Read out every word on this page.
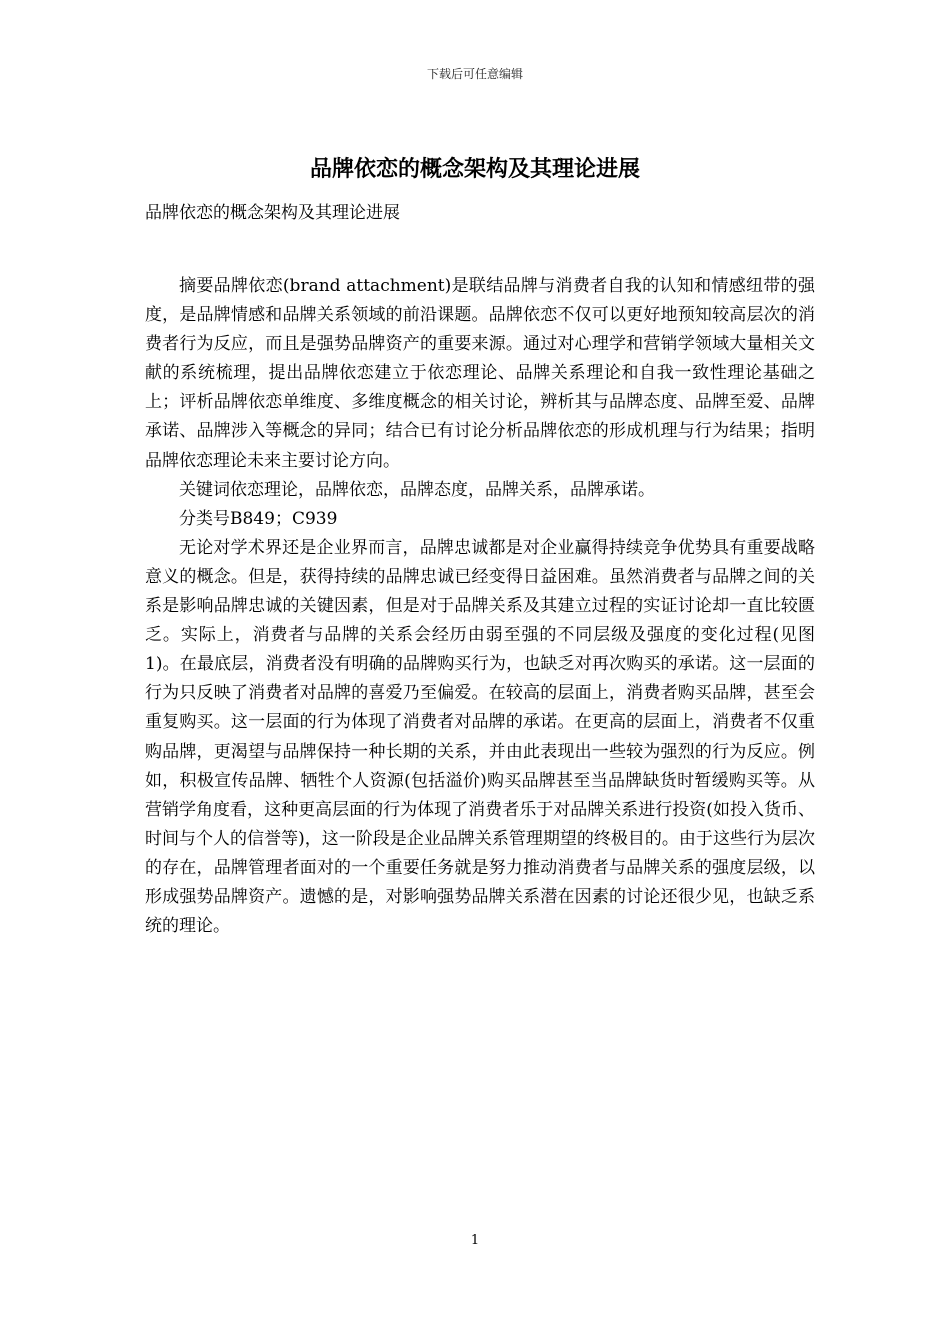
下载后可任意编辑
品牌依恋的概念架构及其理论进展

品牌依恋的概念架构及其理论进展

摘要品牌依恋(brand attachment)是联结品牌与消费者自我的认知和情感纽带的强度，是品牌情感和品牌关系领域的前沿课题。品牌依恋不仅可以更好地预知较高层次的消费者行为反应，而且是强势品牌资产的重要来源。通过对心理学和营销学领域大量相关文献的系统梳理，提出品牌依恋建立于依恋理论、品牌关系理论和自我一致性理论基础之上；评析品牌依恋单维度、多维度概念的相关讨论，辨析其与品牌态度、品牌至爱、品牌承诺、品牌涉入等概念的异同；结合已有讨论分析品牌依恋的形成机理与行为结果；指明品牌依恋理论未来主要讨论方向。

关键词依恋理论，品牌依恋，品牌态度，品牌关系，品牌承诺。

分类号B849；C939

无论对学术界还是企业界而言，品牌忠诚都是对企业赢得持续竞争优势具有重要战略意义的概念。但是，获得持续的品牌忠诚已经变得日益困难。虽然消费者与品牌之间的关系是影响品牌忠诚的关键因素，但是对于品牌关系及其建立过程的实证讨论却一直比较匮乏。实际上，消费者与品牌的关系会经历由弱至强的不同层级及强度的变化过程(见图1)。在最底层，消费者没有明确的品牌购买行为，也缺乏对再次购买的承诺。这一层面的行为只反映了消费者对品牌的喜爱乃至偏爱。在较高的层面上，消费者购买品牌，甚至会重复购买。这一层面的行为体现了消费者对品牌的承诺。在更高的层面上，消费者不仅重购品牌，更渴望与品牌保持一种长期的关系，并由此表现出一些较为强烈的行为反应。例如，积极宣传品牌、牺牲个人资源(包括溢价)购买品牌甚至当品牌缺货时暂缓购买等。从营销学角度看，这种更高层面的行为体现了消费者乐于对品牌关系进行投资(如投入货币、时间与个人的信誉等)，这一阶段是企业品牌关系管理期望的终极目的。由于这些行为层次的存在，品牌管理者面对的一个重要任务就是努力推动消费者与品牌关系的强度层级，以形成强势品牌资产。遗憾的是，对影响强势品牌关系潜在因素的讨论还很少见，也缺乏系统的理论。

1
